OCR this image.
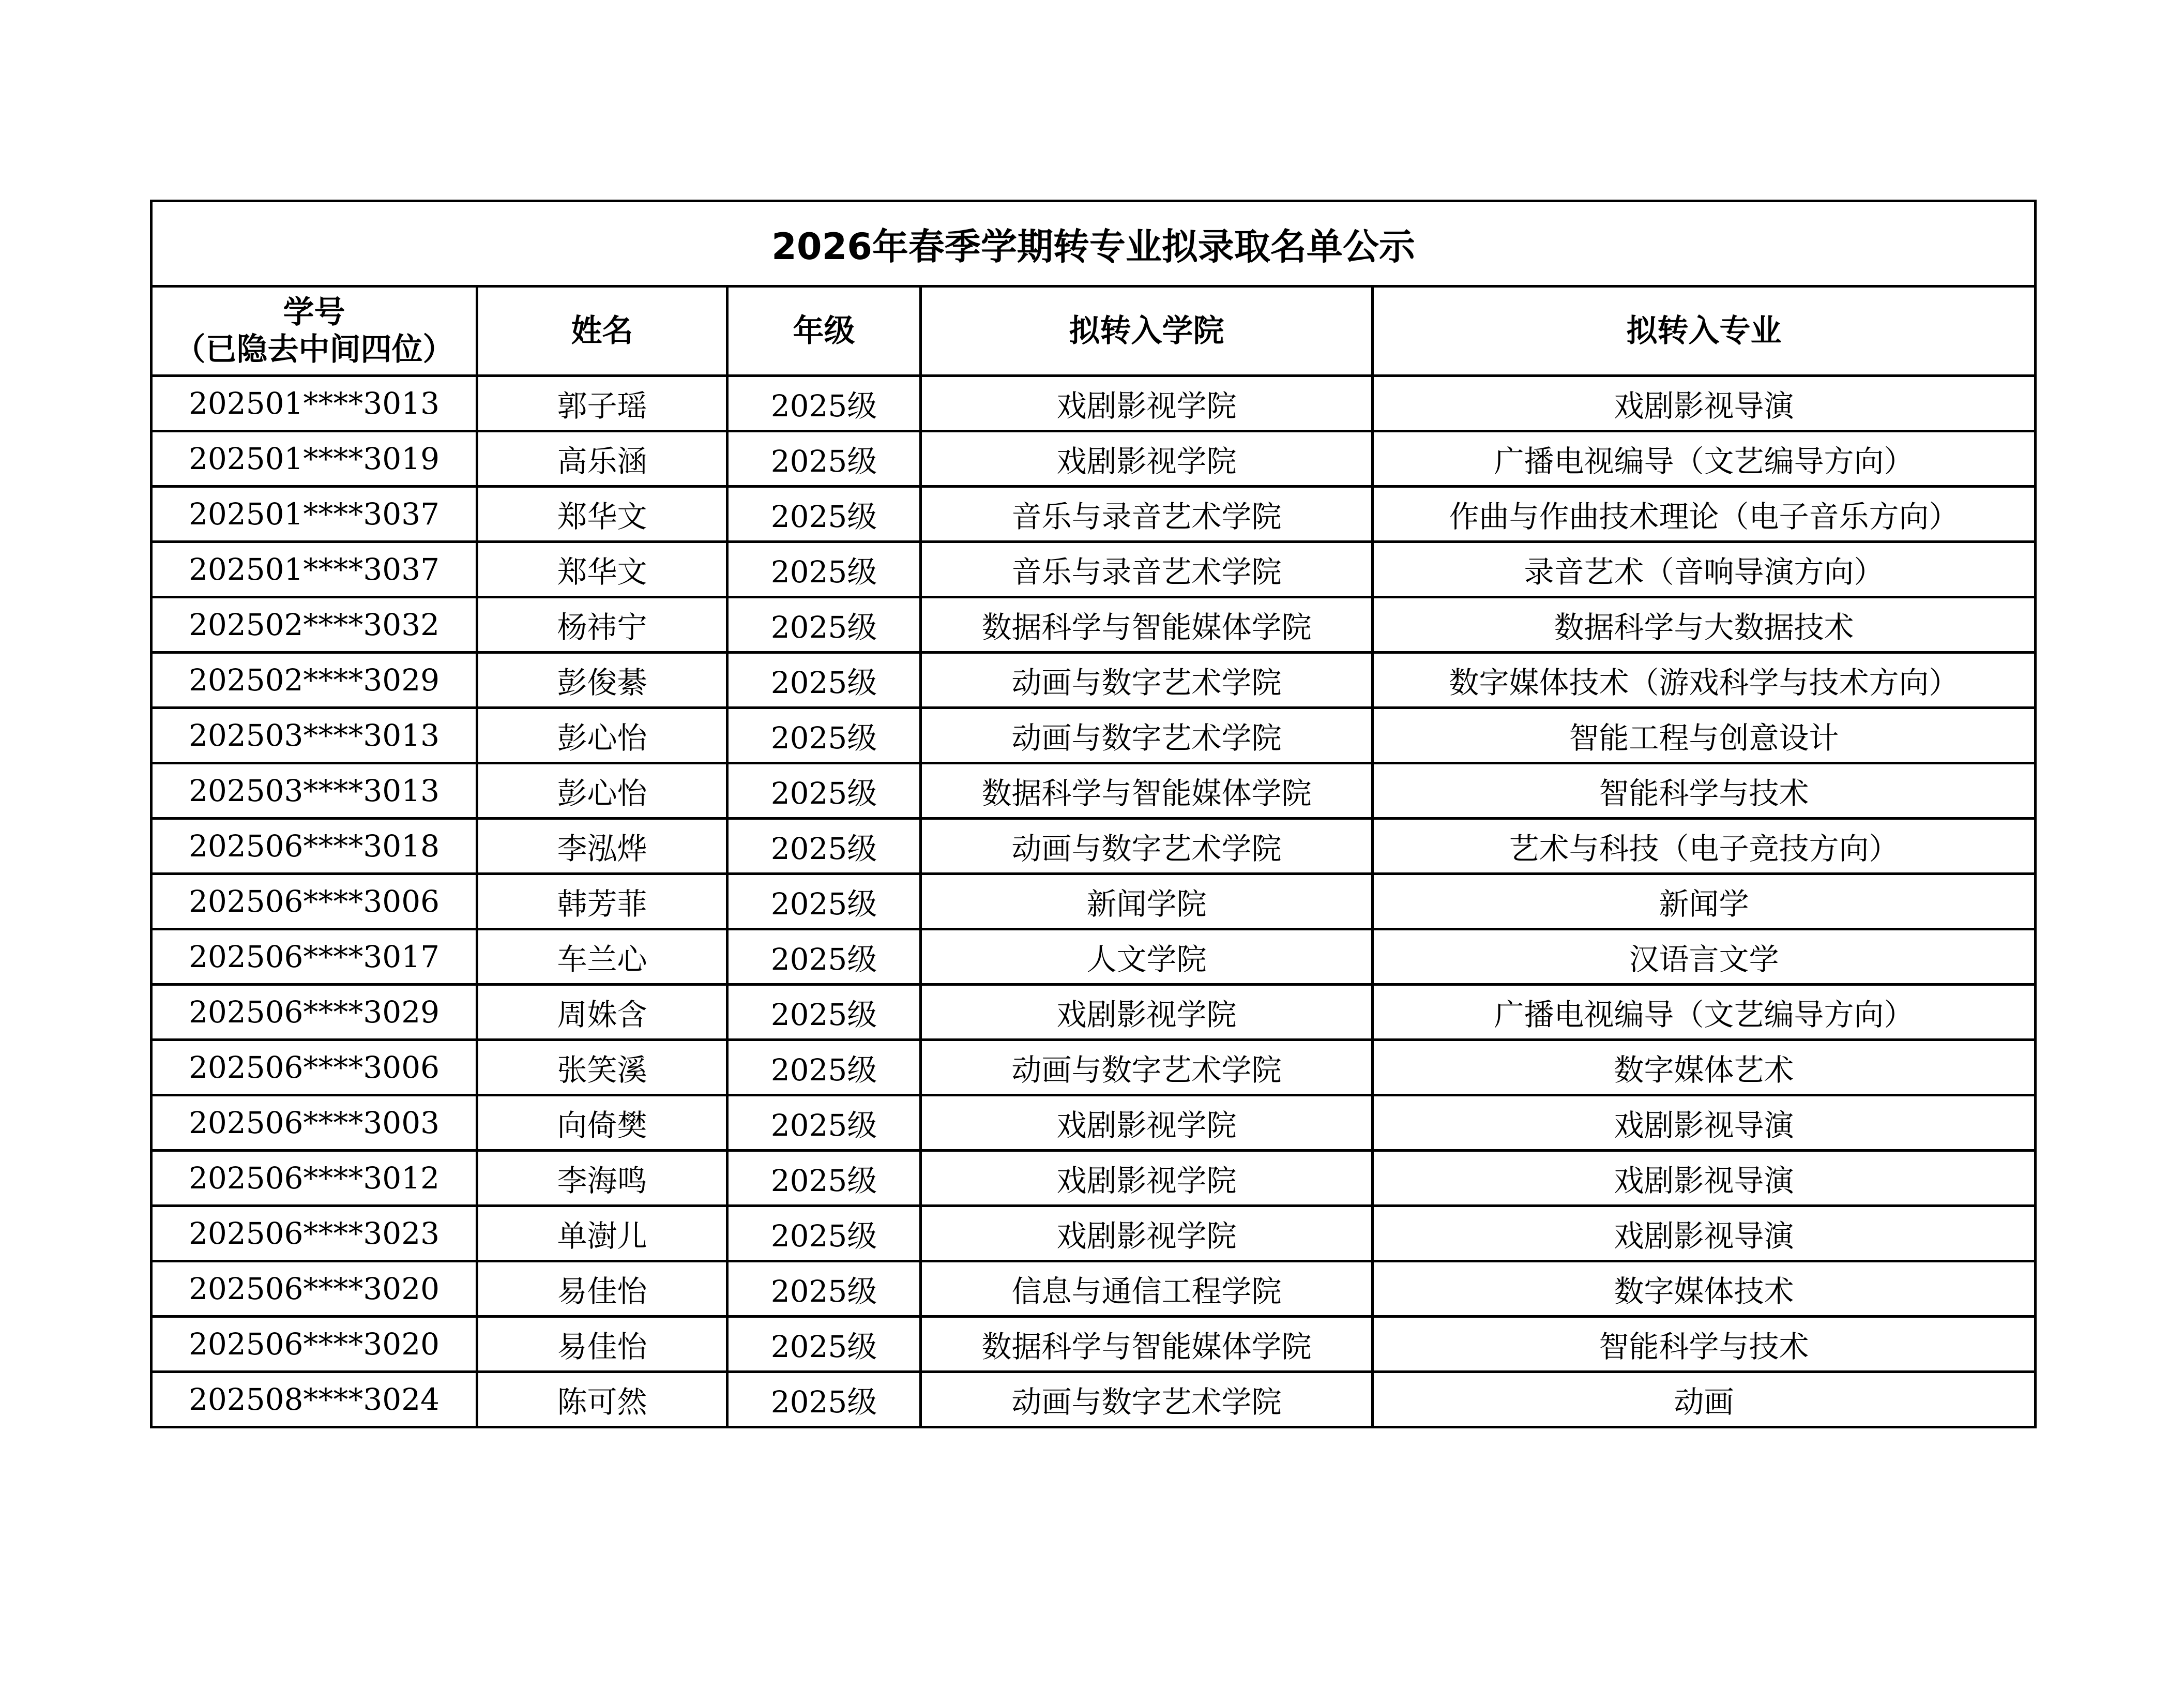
2026年春季学期转专业拟录取名单公示				

学号
（已隐去中间四位）	姓名	年级	拟转入学院	拟转入专业
202501****3013	郭子瑶	2025级	戏剧影视学院	戏剧影视导演
202501****3019	高乐涵	2025级	戏剧影视学院	广播电视编导（文艺编导方向）
202501****3037	郑华文	2025级	音乐与录音艺术学院	作曲与作曲技术理论（电子音乐方向）
202501****3037	郑华文	2025级	音乐与录音艺术学院	录音艺术（音响导演方向）
202502****3032	杨祎宁	2025级	数据科学与智能媒体学院	数据科学与大数据技术
202502****3029	彭俊綦	2025级	动画与数字艺术学院	数字媒体技术（游戏科学与技术方向）
202503****3013	彭心怡	2025级	动画与数字艺术学院	智能工程与创意设计
202503****3013	彭心怡	2025级	数据科学与智能媒体学院	智能科学与技术
202506****3018	李泓烨	2025级	动画与数字艺术学院	艺术与科技（电子竞技方向）
202506****3006	韩芳菲	2025级	新闻学院	新闻学
202506****3017	车兰心	2025级	人文学院	汉语言文学
202506****3029	周姝含	2025级	戏剧影视学院	广播电视编导（文艺编导方向）
202506****3006	张笑溪	2025级	动画与数字艺术学院	数字媒体艺术
202506****3003	向倚樊	2025级	戏剧影视学院	戏剧影视导演
202506****3012	李海鸣	2025级	戏剧影视学院	戏剧影视导演
202506****3023	单澍儿	2025级	戏剧影视学院	戏剧影视导演
202506****3020	易佳怡	2025级	信息与通信工程学院	数字媒体技术
202506****3020	易佳怡	2025级	数据科学与智能媒体学院	智能科学与技术
202508****3024	陈可然	2025级	动画与数字艺术学院	动画
